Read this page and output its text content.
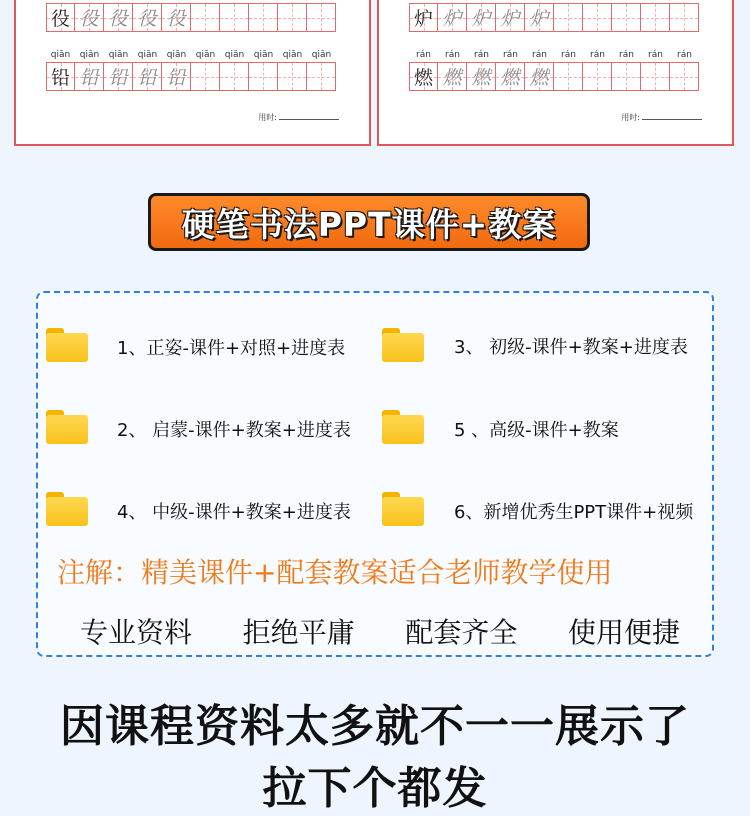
役 役 役 役 役
qiān	qiān	qiān	qiān	qiān	qiān	qiān	qiān	qiān	qiān
铅 铅 铅 铅 铅
用时:
炉 炉 炉 炉 炉
rán	rán	rán	rán	rán	rán	rán	rán	rán	rán
燃 燃 燃 燃 燃
用时:
硬笔书法PPT课件+教案
1、正姿-课件+对照+进度表	3、 初级-课件+教案+进度表
2、 启蒙-课件+教案+进度表	5 、高级-课件+教案
4、 中级-课件+教案+进度表	6、新增优秀生PPT课件+视频
注解：精美课件+配套教案适合老师教学使用
专业资料 拒绝平庸 配套齐全 使用便捷
因课程资料太多就不一一展示了
拉下个都发
